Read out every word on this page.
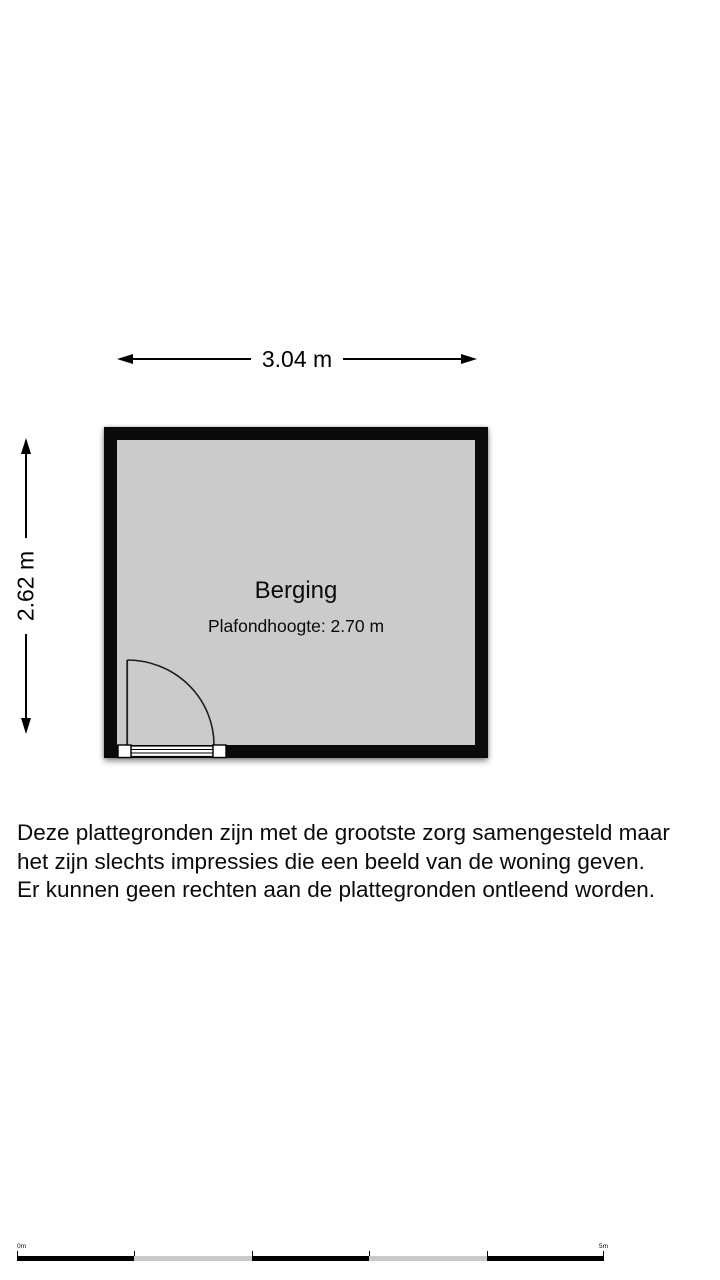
3.04 m
2.62 m	Berging
Plafondhoogte: 2.70 m
Deze plattegronden zijn met de grootste zorg samengesteld maar
het zijn slechts impressies die een beeld van de woning geven.
Er kunnen geen rechten aan de plattegronden ontleend worden.
0m	5m
